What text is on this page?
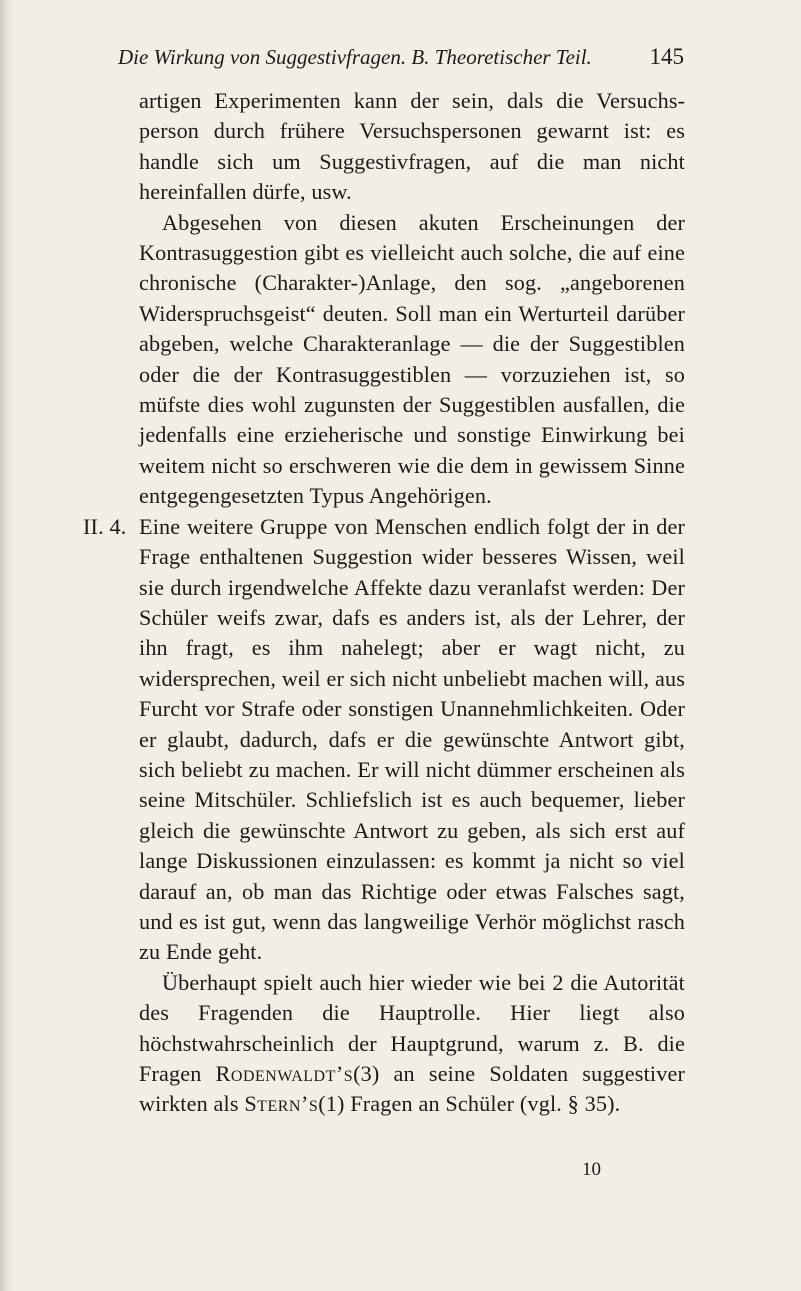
Die Wirkung von Suggestivfragen. B. Theoretischer Teil.	145

artigen Experimenten kann der sein, dals die Versuchsperson durch frühere Versuchspersonen gewarnt ist: es handle sich um Suggestivfragen, auf die man nicht hereinfallen dürfe, usw.

Abgesehen von diesen akuten Erscheinungen der Kontrasuggestion gibt es vielleicht auch solche, die auf eine chronische (Charakter-)Anlage, den sog. „angeborenen Widerspruchsgeist“ deuten. Soll man ein Werturteil darüber abgeben, welche Charakteranlage — die der Suggestiblen oder die der Kontrasuggestiblen — vorzuziehen ist, so müfste dies wohl zugunsten der Suggestiblen ausfallen, die jedenfalls eine erzieherische und sonstige Einwirkung bei weitem nicht so erschweren wie die dem in gewissem Sinne entgegengesetzten Typus Angehörigen.

II. 4. Eine weitere Gruppe von Menschen endlich folgt der in der Frage enthaltenen Suggestion wider besseres Wissen, weil sie durch irgendwelche Affekte dazu veranlafst werden: Der Schüler weifs zwar, dafs es anders ist, als der Lehrer, der ihn fragt, es ihm nahelegt; aber er wagt nicht, zu widersprechen, weil er sich nicht unbeliebt machen will, aus Furcht vor Strafe oder sonstigen Unannehmlichkeiten. Oder er glaubt, dadurch, dafs er die gewünschte Antwort gibt, sich beliebt zu machen. Er will nicht dümmer erscheinen als seine Mitschüler. Schliefslich ist es auch bequemer, lieber gleich die gewünschte Antwort zu geben, als sich erst auf lange Diskussionen einzulassen: es kommt ja nicht so viel darauf an, ob man das Richtige oder etwas Falsches sagt, und es ist gut, wenn das langweilige Verhör möglichst rasch zu Ende geht.

Überhaupt spielt auch hier wieder wie bei 2 die Autorität des Fragenden die Hauptrolle. Hier liegt also höchstwahrscheinlich der Hauptgrund, warum z. B. die Fragen Rodenwaldt’s(3) an seine Soldaten suggestiver wirkten als Stern’s(1) Fragen an Schüler (vgl. § 35).

10
